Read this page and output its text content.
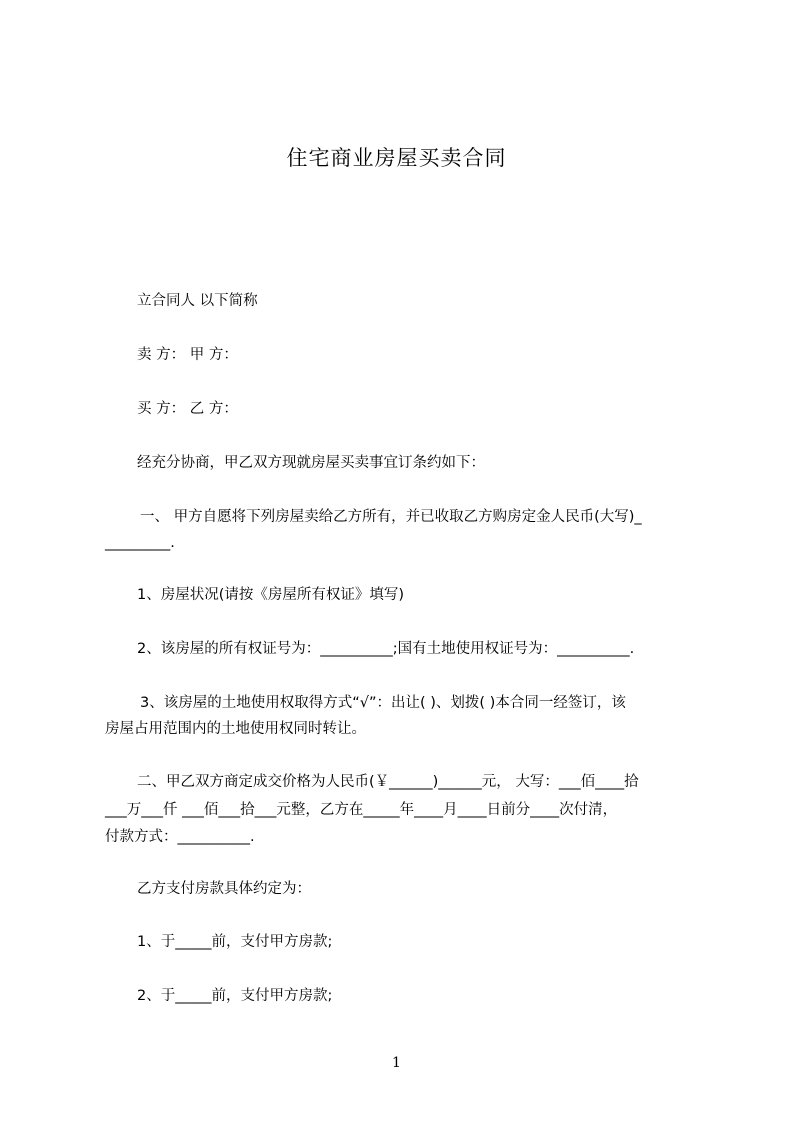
住宅商业房屋买卖合同
立合同人 以下简称
卖 方： 甲 方：
买 方： 乙 方：
经充分协商，甲乙双方现就房屋买卖事宜订条约如下：
一、 甲方自愿将下列房屋卖给乙方所有，并已收取乙方购房定金人民币(大写)_
_________.
1、房屋状况(请按《房屋所有权证》填写)
2、该房屋的所有权证号为：__________;国有土地使用权证号为：__________.
3、该房屋的土地使用权取得方式“√”：出让( )、划拨( )本合同一经签订，该
房屋占用范围内的土地使用权同时转让。
二、甲乙双方商定成交价格为人民币(￥______)______元， 大写：___佰____拾
___万___仟 ___佰___拾___元整，乙方在_____年____月____日前分____次付清，
付款方式：__________.
乙方支付房款具体约定为：
1、于_____前，支付甲方房款;
2、于_____前，支付甲方房款;
1
